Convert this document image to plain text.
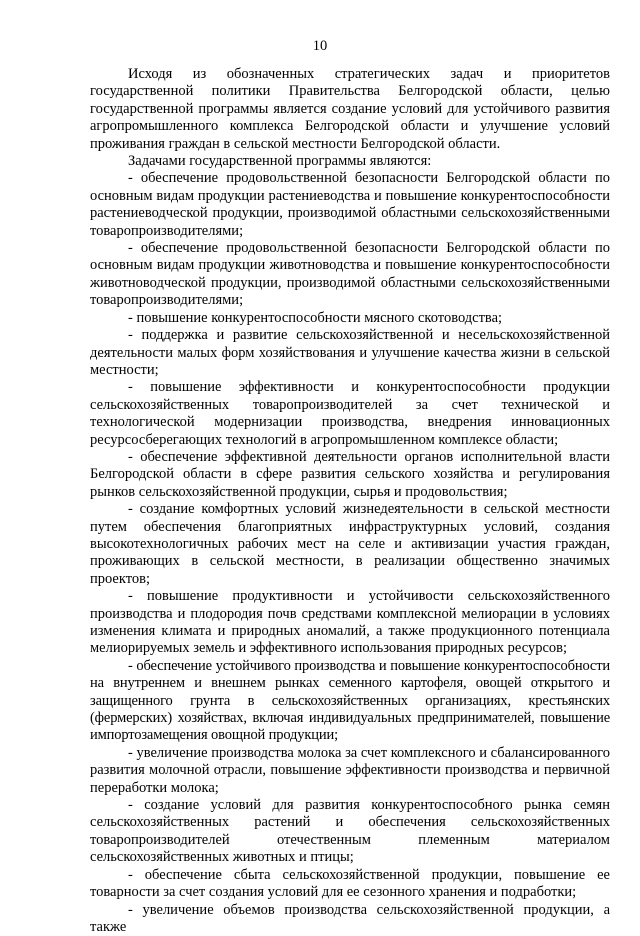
10

Исходя из обозначенных стратегических задач и приоритетов государственной политики Правительства Белгородской области, целью государственной программы является создание условий для устойчивого развития агропромышленного комплекса Белгородской области и улучшение условий проживания граждан в сельской местности Белгородской области.

Задачами государственной программы являются:

- обеспечение продовольственной безопасности Белгородской области по основным видам продукции растениеводства и повышение конкурентоспособности растениеводческой продукции, производимой областными сельскохозяйственными товаропроизводителями;

- обеспечение продовольственной безопасности Белгородской области по основным видам продукции животноводства и повышение конкурентоспособности животноводческой продукции, производимой областными сельскохозяйственными товаропроизводителями;

- повышение конкурентоспособности мясного скотоводства;

- поддержка и развитие сельскохозяйственной и несельскохозяйственной деятельности малых форм хозяйствования и улучшение качества жизни в сельской местности;

- повышение эффективности и конкурентоспособности продукции сельскохозяйственных товаропроизводителей за счет технической и технологической модернизации производства, внедрения инновационных ресурсосберегающих технологий в агропромышленном комплексе области;

- обеспечение эффективной деятельности органов исполнительной власти Белгородской области в сфере развития сельского хозяйства и регулирования рынков сельскохозяйственной продукции, сырья и продовольствия;

- создание комфортных условий жизнедеятельности в сельской местности путем обеспечения благоприятных инфраструктурных условий, создания высокотехнологичных рабочих мест на селе и активизации участия граждан, проживающих в сельской местности, в реализации общественно значимых проектов;

- повышение продуктивности и устойчивости сельскохозяйственного производства и плодородия почв средствами комплексной мелиорации в условиях изменения климата и природных аномалий, а также продукционного потенциала мелиорируемых земель и эффективного использования природных ресурсов;

- обеспечение устойчивого производства и повышение конкурентоспособности на внутреннем и внешнем рынках семенного картофеля, овощей открытого и защищенного грунта в сельскохозяйственных организациях, крестьянских (фермерских) хозяйствах, включая индивидуальных предпринимателей, повышение импортозамещения овощной продукции;

- увеличение производства молока за счет комплексного и сбалансированного развития молочной отрасли, повышение эффективности производства и первичной переработки молока;

- создание условий для развития конкурентоспособного рынка семян сельскохозяйственных растений и обеспечения сельскохозяйственных товаропроизводителей отечественным племенным материалом сельскохозяйственных животных и птицы;

- обеспечение сбыта сельскохозяйственной продукции, повышение ее товарности за счет создания условий для ее сезонного хранения и подработки;

- увеличение объемов производства сельскохозяйственной продукции, а также
